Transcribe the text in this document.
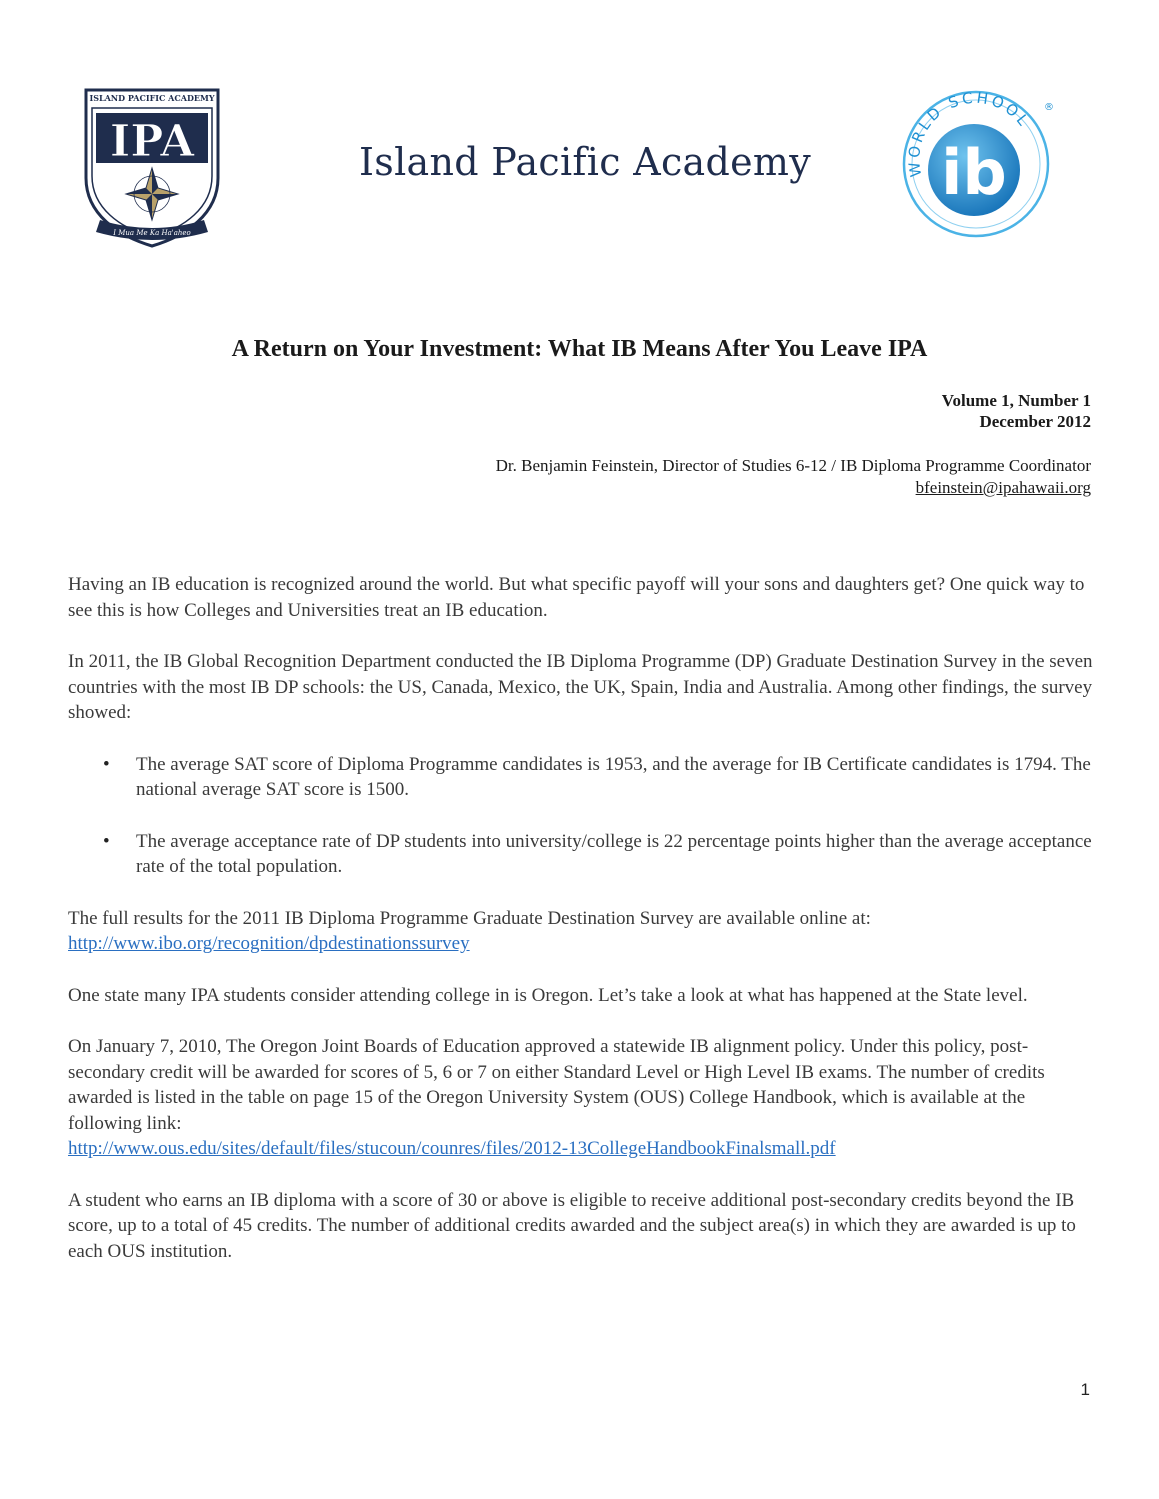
ISLAND PACIFIC ACADEMY
IPA
I Mua Me Ka Ha'aheo
Island Pacific Academy	WORLD SCHOOL
ib
®
A Return on Your Investment: What IB Means After You Leave IPA
Volume 1, Number 1
December 2012
Dr. Benjamin Feinstein, Director of Studies 6-12 / IB Diploma Programme Coordinator
bfeinstein@ipahawaii.org

Having an IB education is recognized around the world. But what specific payoff will your sons and daughters get? One quick way to see this is how Colleges and Universities treat an IB education.

In 2011, the IB Global Recognition Department conducted the IB Diploma Programme (DP) Graduate Destination Survey in the seven countries with the most IB DP schools: the US, Canada, Mexico, the UK, Spain, India and Australia. Among other findings, the survey showed:

• The average SAT score of Diploma Programme candidates is 1953, and the average for IB Certificate candidates is 1794. The national average SAT score is 1500.
• The average acceptance rate of DP students into university/college is 22 percentage points higher than the average acceptance rate of the total population.

The full results for the 2011 IB Diploma Programme Graduate Destination Survey are available online at:
http://www.ibo.org/recognition/dpdestinationssurvey

One state many IPA students consider attending college in is Oregon. Let’s take a look at what has happened at the State level.

On January 7, 2010, The Oregon Joint Boards of Education approved a statewide IB alignment policy. Under this policy, post-secondary credit will be awarded for scores of 5, 6 or 7 on either Standard Level or High Level IB exams. The number of credits awarded is listed in the table on page 15 of the Oregon University System (OUS) College Handbook, which is available at the following link:
http://www.ous.edu/sites/default/files/stucoun/counres/files/2012-13CollegeHandbookFinalsmall.pdf

A student who earns an IB diploma with a score of 30 or above is eligible to receive additional post-secondary credits beyond the IB score, up to a total of 45 credits. The number of additional credits awarded and the subject area(s) in which they are awarded is up to each OUS institution.

1
